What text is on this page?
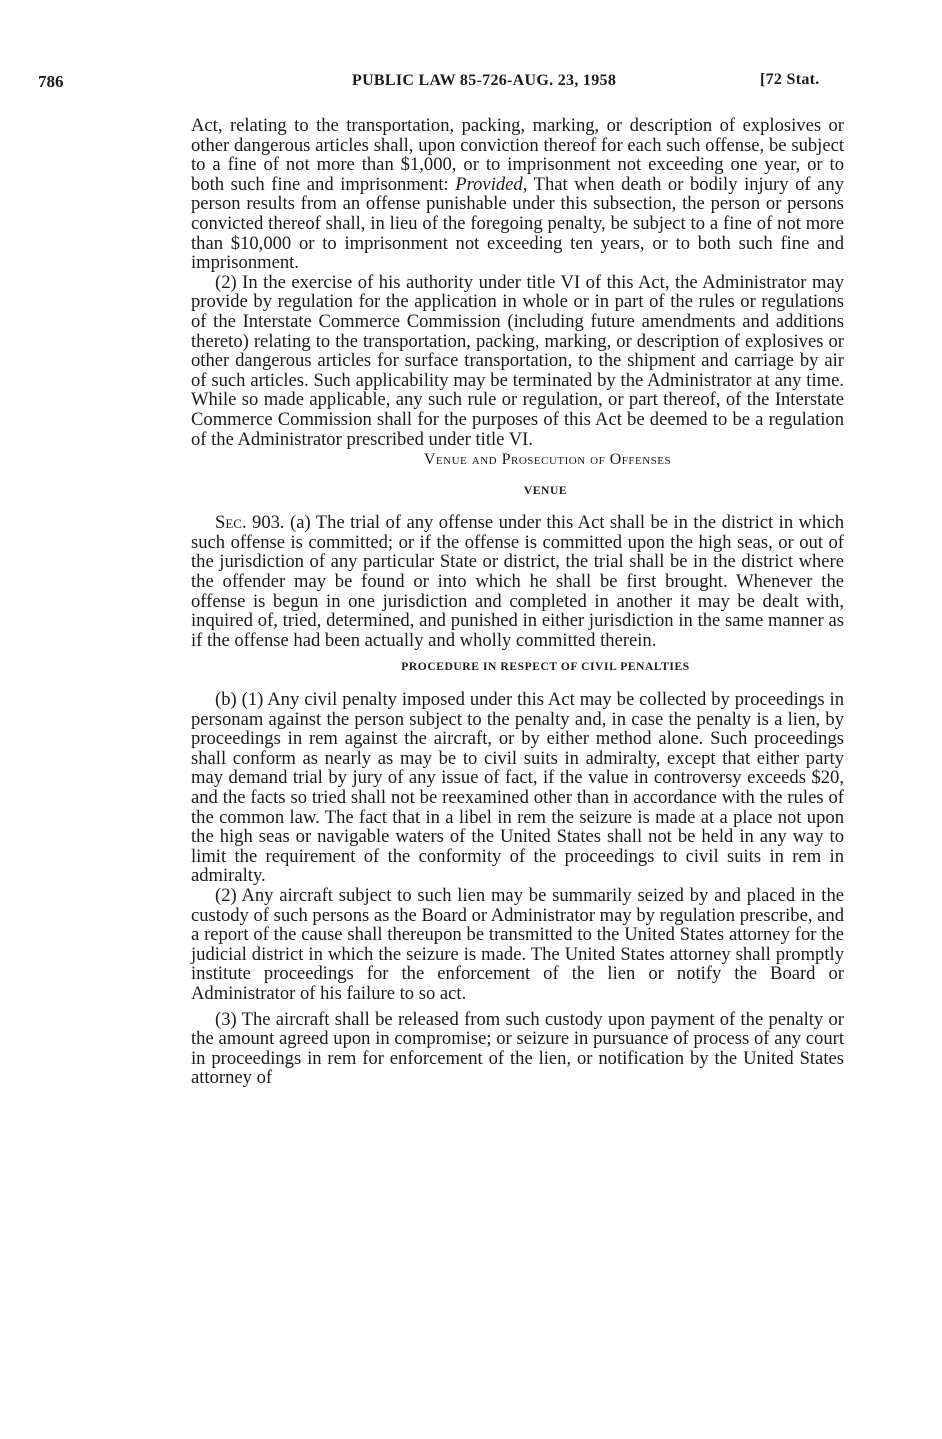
786	PUBLIC LAW 85-726-AUG. 23, 1958	[72 Stat.

Act, relating to the transportation, packing, marking, or description of explosives or other dangerous articles shall, upon conviction thereof for each such offense, be subject to a fine of not more than $1,000, or to imprisonment not exceeding one year, or to both such fine and imprisonment: Provided, That when death or bodily injury of any person results from an offense punishable under this subsection, the person or persons convicted thereof shall, in lieu of the foregoing penalty, be subject to a fine of not more than $10,000 or to imprisonment not exceeding ten years, or to both such fine and imprisonment.

(2) In the exercise of his authority under title VI of this Act, the Administrator may provide by regulation for the application in whole or in part of the rules or regulations of the Interstate Commerce Commission (including future amendments and additions thereto) relating to the transportation, packing, marking, or description of explosives or other dangerous articles for surface transportation, to the shipment and carriage by air of such articles. Such applicability may be terminated by the Administrator at any time. While so made applicable, any such rule or regulation, or part thereof, of the Interstate Commerce Commission shall for the purposes of this Act be deemed to be a regulation of the Administrator prescribed under title VI.

Venue and Prosecution of Offenses
VENUE

Sec. 903. (a) The trial of any offense under this Act shall be in the district in which such offense is committed; or if the offense is committed upon the high seas, or out of the jurisdiction of any particular State or district, the trial shall be in the district where the offender may be found or into which he shall be first brought. Whenever the offense is begun in one jurisdiction and completed in another it may be dealt with, inquired of, tried, determined, and punished in either jurisdiction in the same manner as if the offense had been actually and wholly committed therein.

PROCEDURE IN RESPECT OF CIVIL PENALTIES

(b) (1) Any civil penalty imposed under this Act may be collected by proceedings in personam against the person subject to the penalty and, in case the penalty is a lien, by proceedings in rem against the aircraft, or by either method alone. Such proceedings shall conform as nearly as may be to civil suits in admiralty, except that either party may demand trial by jury of any issue of fact, if the value in controversy exceeds $20, and the facts so tried shall not be reexamined other than in accordance with the rules of the common law. The fact that in a libel in rem the seizure is made at a place not upon the high seas or navigable waters of the United States shall not be held in any way to limit the requirement of the conformity of the proceedings to civil suits in rem in admiralty.

(2) Any aircraft subject to such lien may be summarily seized by and placed in the custody of such persons as the Board or Administrator may by regulation prescribe, and a report of the cause shall thereupon be transmitted to the United States attorney for the judicial district in which the seizure is made. The United States attorney shall promptly institute proceedings for the enforcement of the lien or notify the Board or Administrator of his failure to so act.

(3) The aircraft shall be released from such custody upon payment of the penalty or the amount agreed upon in compromise; or seizure in pursuance of process of any court in proceedings in rem for enforcement of the lien, or notification by the United States attorney of
